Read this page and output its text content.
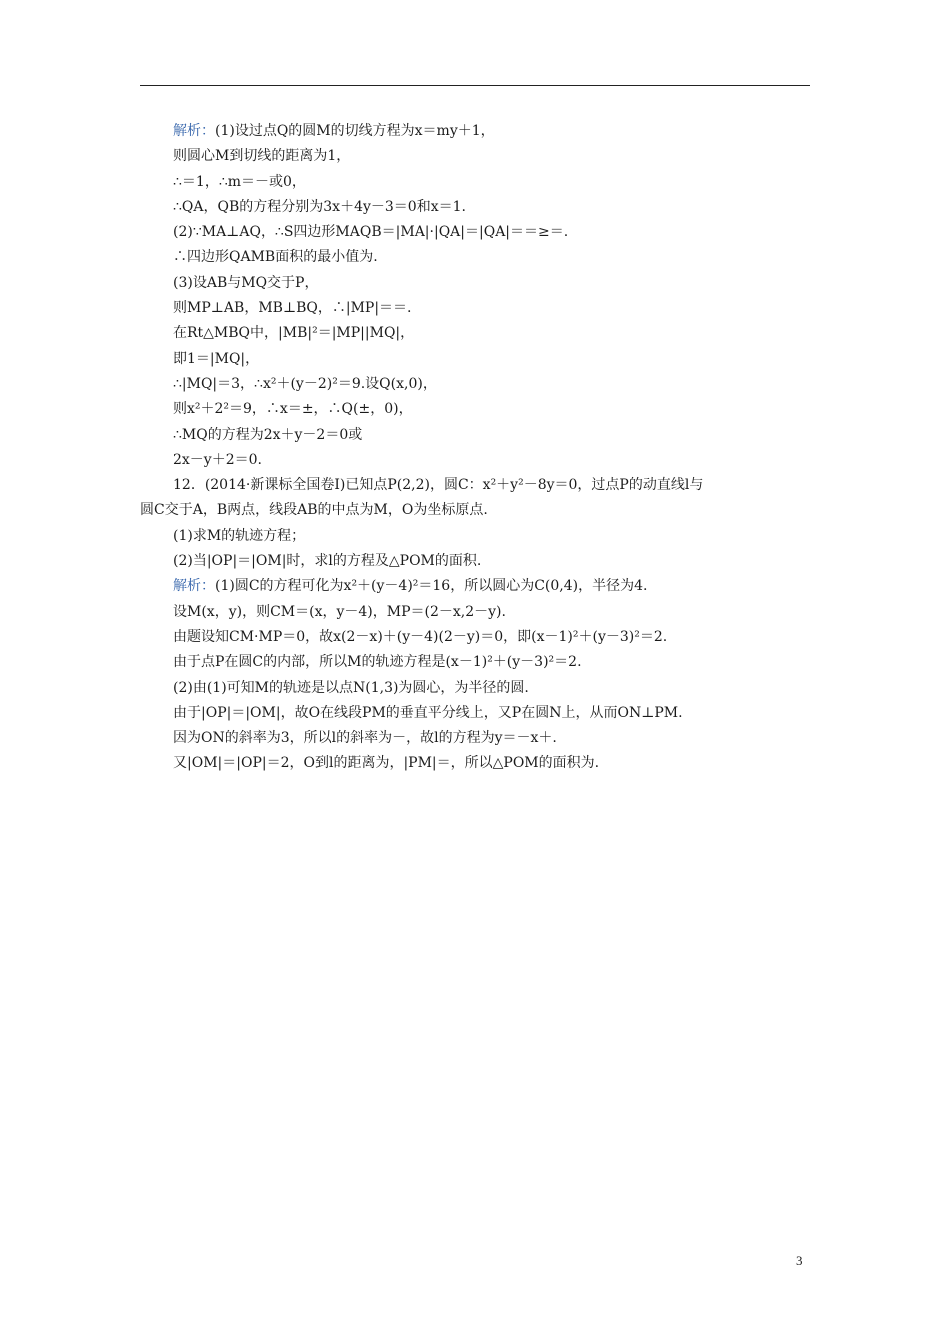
解析：(1)设过点Q的圆M的切线方程为x＝my＋1，
则圆心M到切线的距离为1，
∴＝1，∴m＝－或0，
∴QA，QB的方程分别为3x＋4y－3＝0和x＝1.
(2)∵MA⊥AQ，∴S四边形MAQB＝|MA|·|QA|＝|QA|＝＝≥＝.
∴四边形QAMB面积的最小值为.
(3)设AB与MQ交于P，
则MP⊥AB，MB⊥BQ，∴|MP|＝＝.
在Rt△MBQ中，|MB|²＝|MP||MQ|，
即1＝|MQ|，
∴|MQ|＝3，∴x²＋(y－2)²＝9.设Q(x,0)，
则x²＋2²＝9，∴x＝±，∴Q(±，0)，
∴MQ的方程为2x＋y－2＝0或
2x－y＋2＝0.
12．(2014·新课标全国卷Ⅰ)已知点P(2,2)，圆C：x²＋y²－8y＝0，过点P的动直线l与
圆C交于A，B两点，线段AB的中点为M，O为坐标原点.
(1)求M的轨迹方程；
(2)当|OP|＝|OM|时，求l的方程及△POM的面积.
解析：(1)圆C的方程可化为x²＋(y－4)²＝16，所以圆心为C(0,4)，半径为4.
设M(x，y)，则CM＝(x，y－4)，MP＝(2－x,2－y).
由题设知CM·MP＝0，故x(2－x)＋(y－4)(2－y)＝0，即(x－1)²＋(y－3)²＝2.
由于点P在圆C的内部，所以M的轨迹方程是(x－1)²＋(y－3)²＝2.
(2)由(1)可知M的轨迹是以点N(1,3)为圆心，为半径的圆.
由于|OP|＝|OM|，故O在线段PM的垂直平分线上，又P在圆N上，从而ON⊥PM.
因为ON的斜率为3，所以l的斜率为－，故l的方程为y＝－x＋.
又|OM|＝|OP|＝2，O到l的距离为，|PM|＝，所以△POM的面积为.
3
